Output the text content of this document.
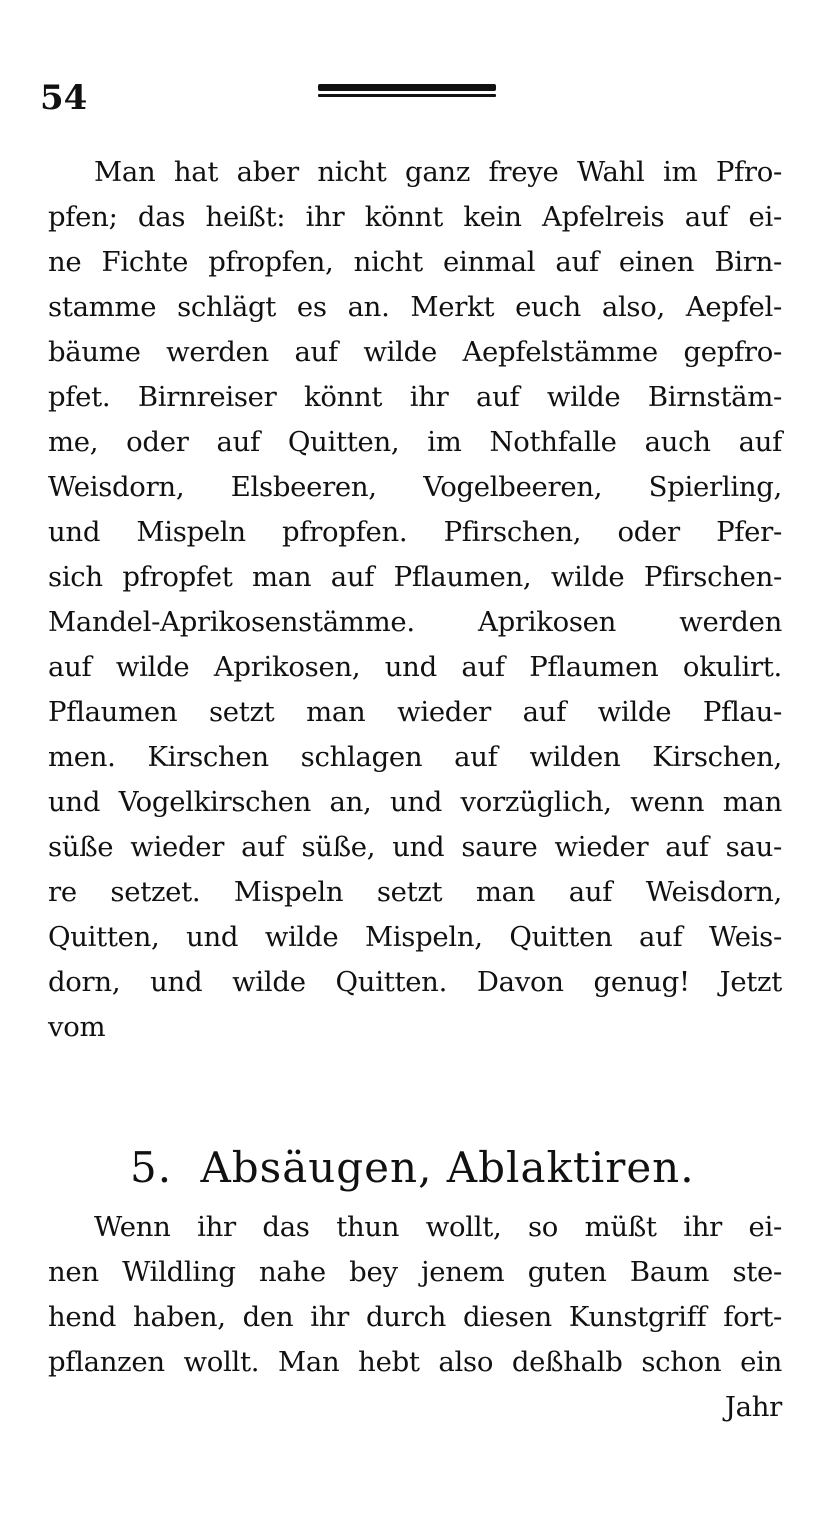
54
Man hat aber nicht ganz freye Wahl im Pfro-
pfen; das heißt: ihr könnt kein Apfelreis auf ei-
ne Fichte pfropfen, nicht einmal auf einen Birn-
stamme schlägt es an. Merkt euch also, Aepfel-
bäume werden auf wilde Aepfelstämme gepfro-
pfet. Birnreiser könnt ihr auf wilde Birnstäm-
me, oder auf Quitten, im Nothfalle auch auf
Weisdorn, Elsbeeren, Vogelbeeren, Spierling,
und Mispeln pfropfen. Pfirschen, oder Pfer-
sich pfropfet man auf Pflaumen, wilde Pfirschen-
Mandel-Aprikosenstämme. Aprikosen werden
auf wilde Aprikosen, und auf Pflaumen okulirt.
Pflaumen setzt man wieder auf wilde Pflau-
men. Kirschen schlagen auf wilden Kirschen,
und Vogelkirschen an, und vorzüglich, wenn man
süße wieder auf süße, und saure wieder auf sau-
re setzet. Mispeln setzt man auf Weisdorn,
Quitten, und wilde Mispeln, Quitten auf Weis-
dorn, und wilde Quitten. Davon genug! Jetzt
vom
5. Absäugen, Ablaktiren.
Wenn ihr das thun wollt, so müßt ihr ei-
nen Wildling nahe bey jenem guten Baum ste-
hend haben, den ihr durch diesen Kunstgriff fort-
pflanzen wollt. Man hebt also deßhalb schon ein
Jahr
